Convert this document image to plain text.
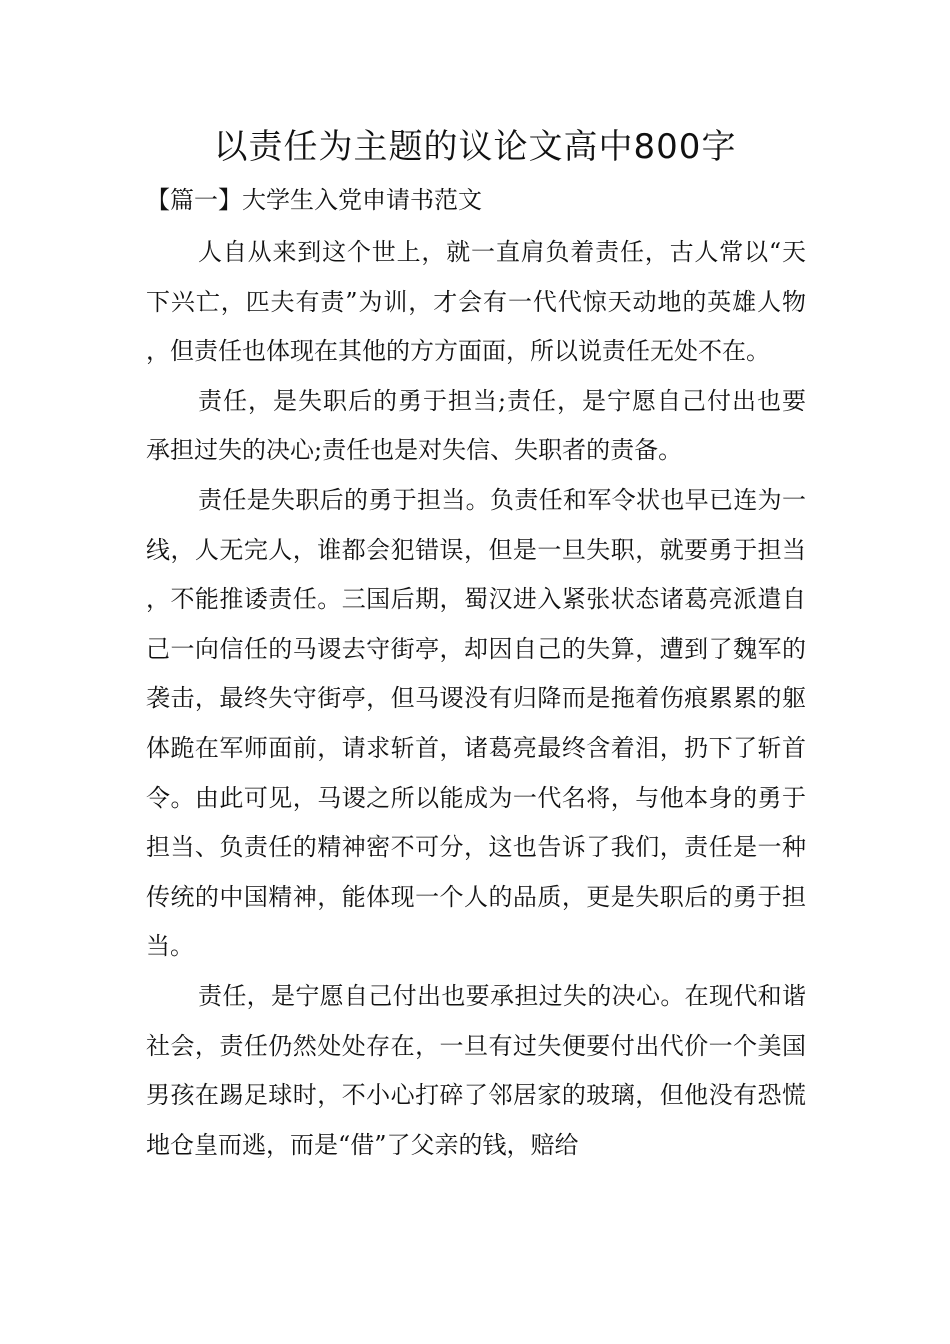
以责任为主题的议论文高中800字

【篇一】大学生入党申请书范文

人自从来到这个世上，就一直肩负着责任，古人常以“天下兴亡，匹夫有责”为训，才会有一代代惊天动地的英雄人物，但责任也体现在其他的方方面面，所以说责任无处不在。

责任，是失职后的勇于担当;责任，是宁愿自己付出也要承担过失的决心;责任也是对失信、失职者的责备。

责任是失职后的勇于担当。负责任和军令状也早已连为一线，人无完人，谁都会犯错误，但是一旦失职，就要勇于担当，不能推诿责任。三国后期，蜀汉进入紧张状态诸葛亮派遣自己一向信任的马谡去守街亭，却因自己的失算，遭到了魏军的袭击，最终失守街亭，但马谡没有归降而是拖着伤痕累累的躯体跪在军师面前，请求斩首，诸葛亮最终含着泪，扔下了斩首令。由此可见，马谡之所以能成为一代名将，与他本身的勇于担当、负责任的精神密不可分，这也告诉了我们，责任是一种传统的中国精神，能体现一个人的品质，更是失职后的勇于担当。

责任，是宁愿自己付出也要承担过失的决心。在现代和谐社会，责任仍然处处存在，一旦有过失便要付出代价一个美国男孩在踢足球时，不小心打碎了邻居家的玻璃，但他没有恐慌地仓皇而逃，而是“借”了父亲的钱，赔给
